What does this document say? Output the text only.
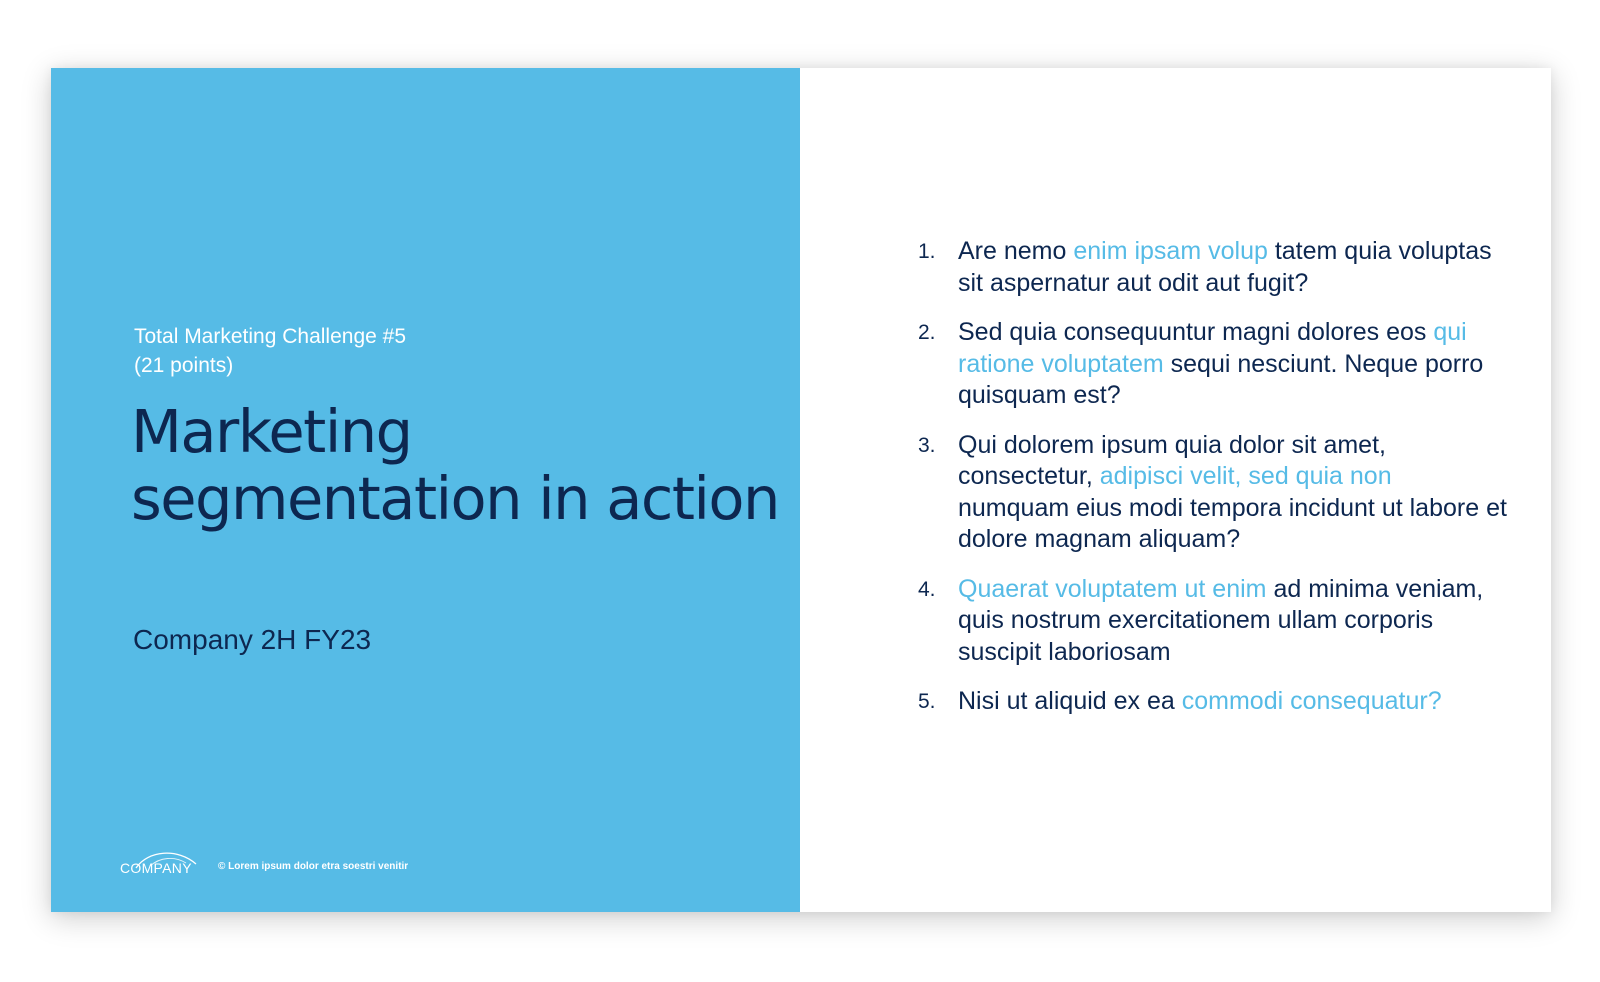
Total Marketing Challenge #5
(21 points)

Marketing
segmentation in action

Company 2H FY23

COMPANY	© Lorem ipsum dolor etra soestri venitir
1. Are nemo enim ipsam volup tatem quia voluptas sit aspernatur aut odit aut fugit?
2. Sed quia consequuntur magni dolores eos qui ratione voluptatem sequi nesciunt. Neque porro quisquam est?
3. Qui dolorem ipsum quia dolor sit amet, consectetur, adipisci velit, sed quia non numquam eius modi tempora incidunt ut labore et dolore magnam aliquam?
4. Quaerat voluptatem ut enim ad minima veniam, quis nostrum exercitationem ullam corporis suscipit laboriosam
5. Nisi ut aliquid ex ea commodi consequatur?
